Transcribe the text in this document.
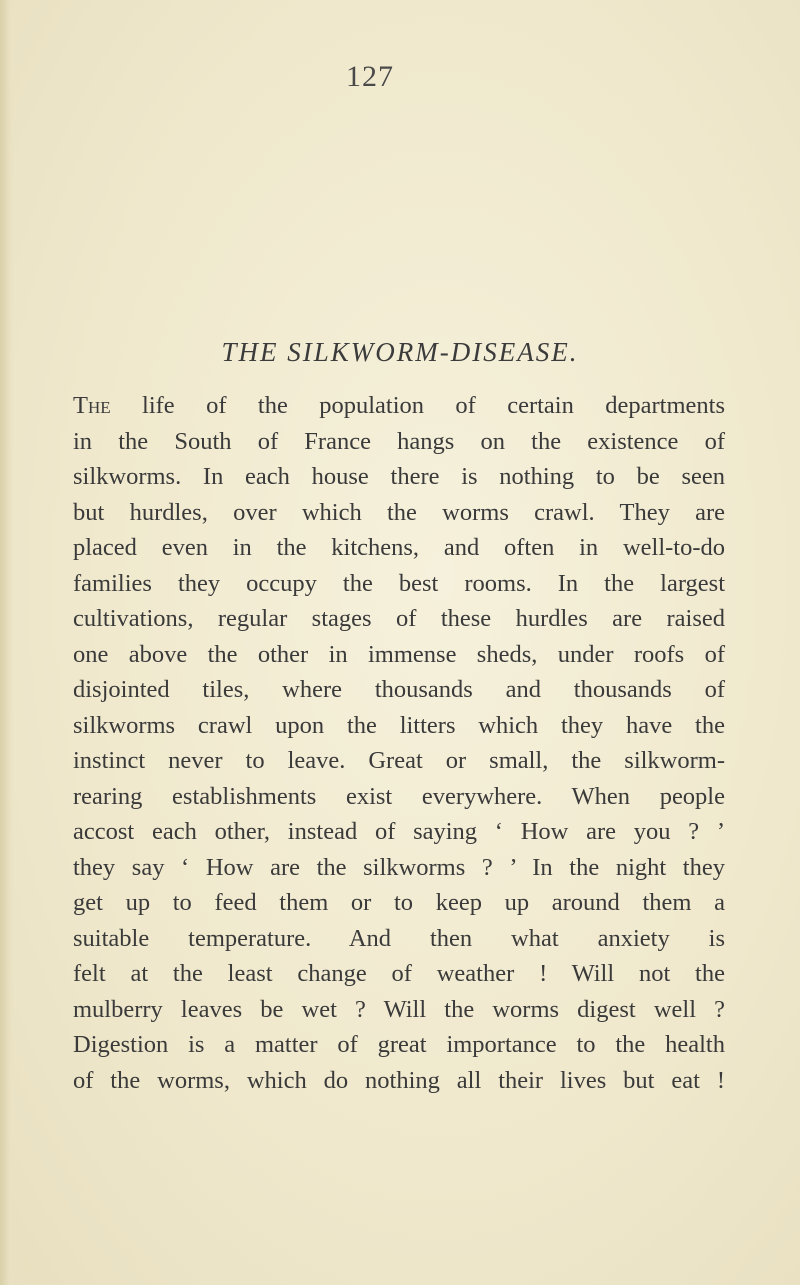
127
THE SILKWORM-DISEASE.
The life of the population of certain departments
in the South of France hangs on the existence of
silkworms. In each house there is nothing to be seen
but hurdles, over which the worms crawl. They are
placed even in the kitchens, and often in well-to-do
families they occupy the best rooms. In the largest
cultivations, regular stages of these hurdles are raised
one above the other in immense sheds, under roofs of
disjointed tiles, where thousands and thousands of
silkworms crawl upon the litters which they have the
instinct never to leave. Great or small, the silkworm-
rearing establishments exist everywhere. When people
accost each other, instead of saying ‘ How are you ? ’
they say ‘ How are the silkworms ? ’ In the night they
get up to feed them or to keep up around them a
suitable temperature. And then what anxiety is
felt at the least change of weather ! Will not the
mulberry leaves be wet ? Will the worms digest well ?
Digestion is a matter of great importance to the health
of the worms, which do nothing all their lives but eat !
